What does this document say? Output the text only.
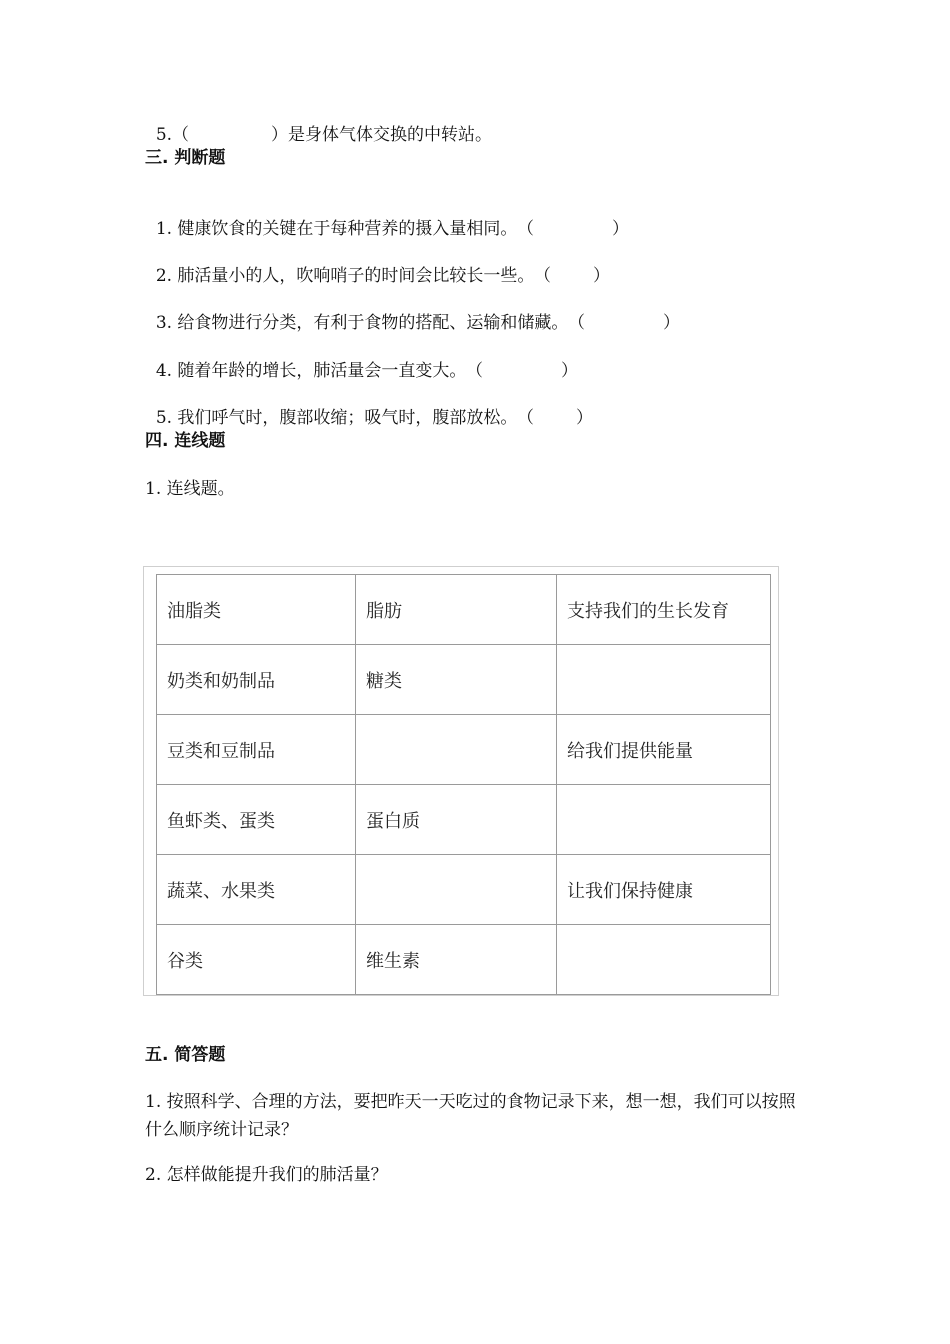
5.（	）是身体气体交换的中转站。

三. 判断题

1. 健康饮食的关键在于每种营养的摄入量相同。 （	）

2. 肺活量小的人，吹响哨子的时间会比较长一些。 （ ）

3. 给食物进行分类，有利于食物的搭配、运输和储藏。 （	）

4. 随着年龄的增长，肺活量会一直变大。 （	）

5. 我们呼气时，腹部收缩；吸气时，腹部放松。 （ ）

四. 连线题
1. 连线题。
油脂类	脂肪	支持我们的生长发育
奶类和奶制品	糖类	
豆类和豆制品		给我们提供能量
鱼虾类、蛋类	蛋白质	
蔬菜、水果类		让我们保持健康
谷类	维生素	
五. 简答题
1. 按照科学、合理的方法，要把昨天一天吃过的食物记录下来，想一想，我们可以按照什么顺序统计记录？
2. 怎样做能提升我们的肺活量？
